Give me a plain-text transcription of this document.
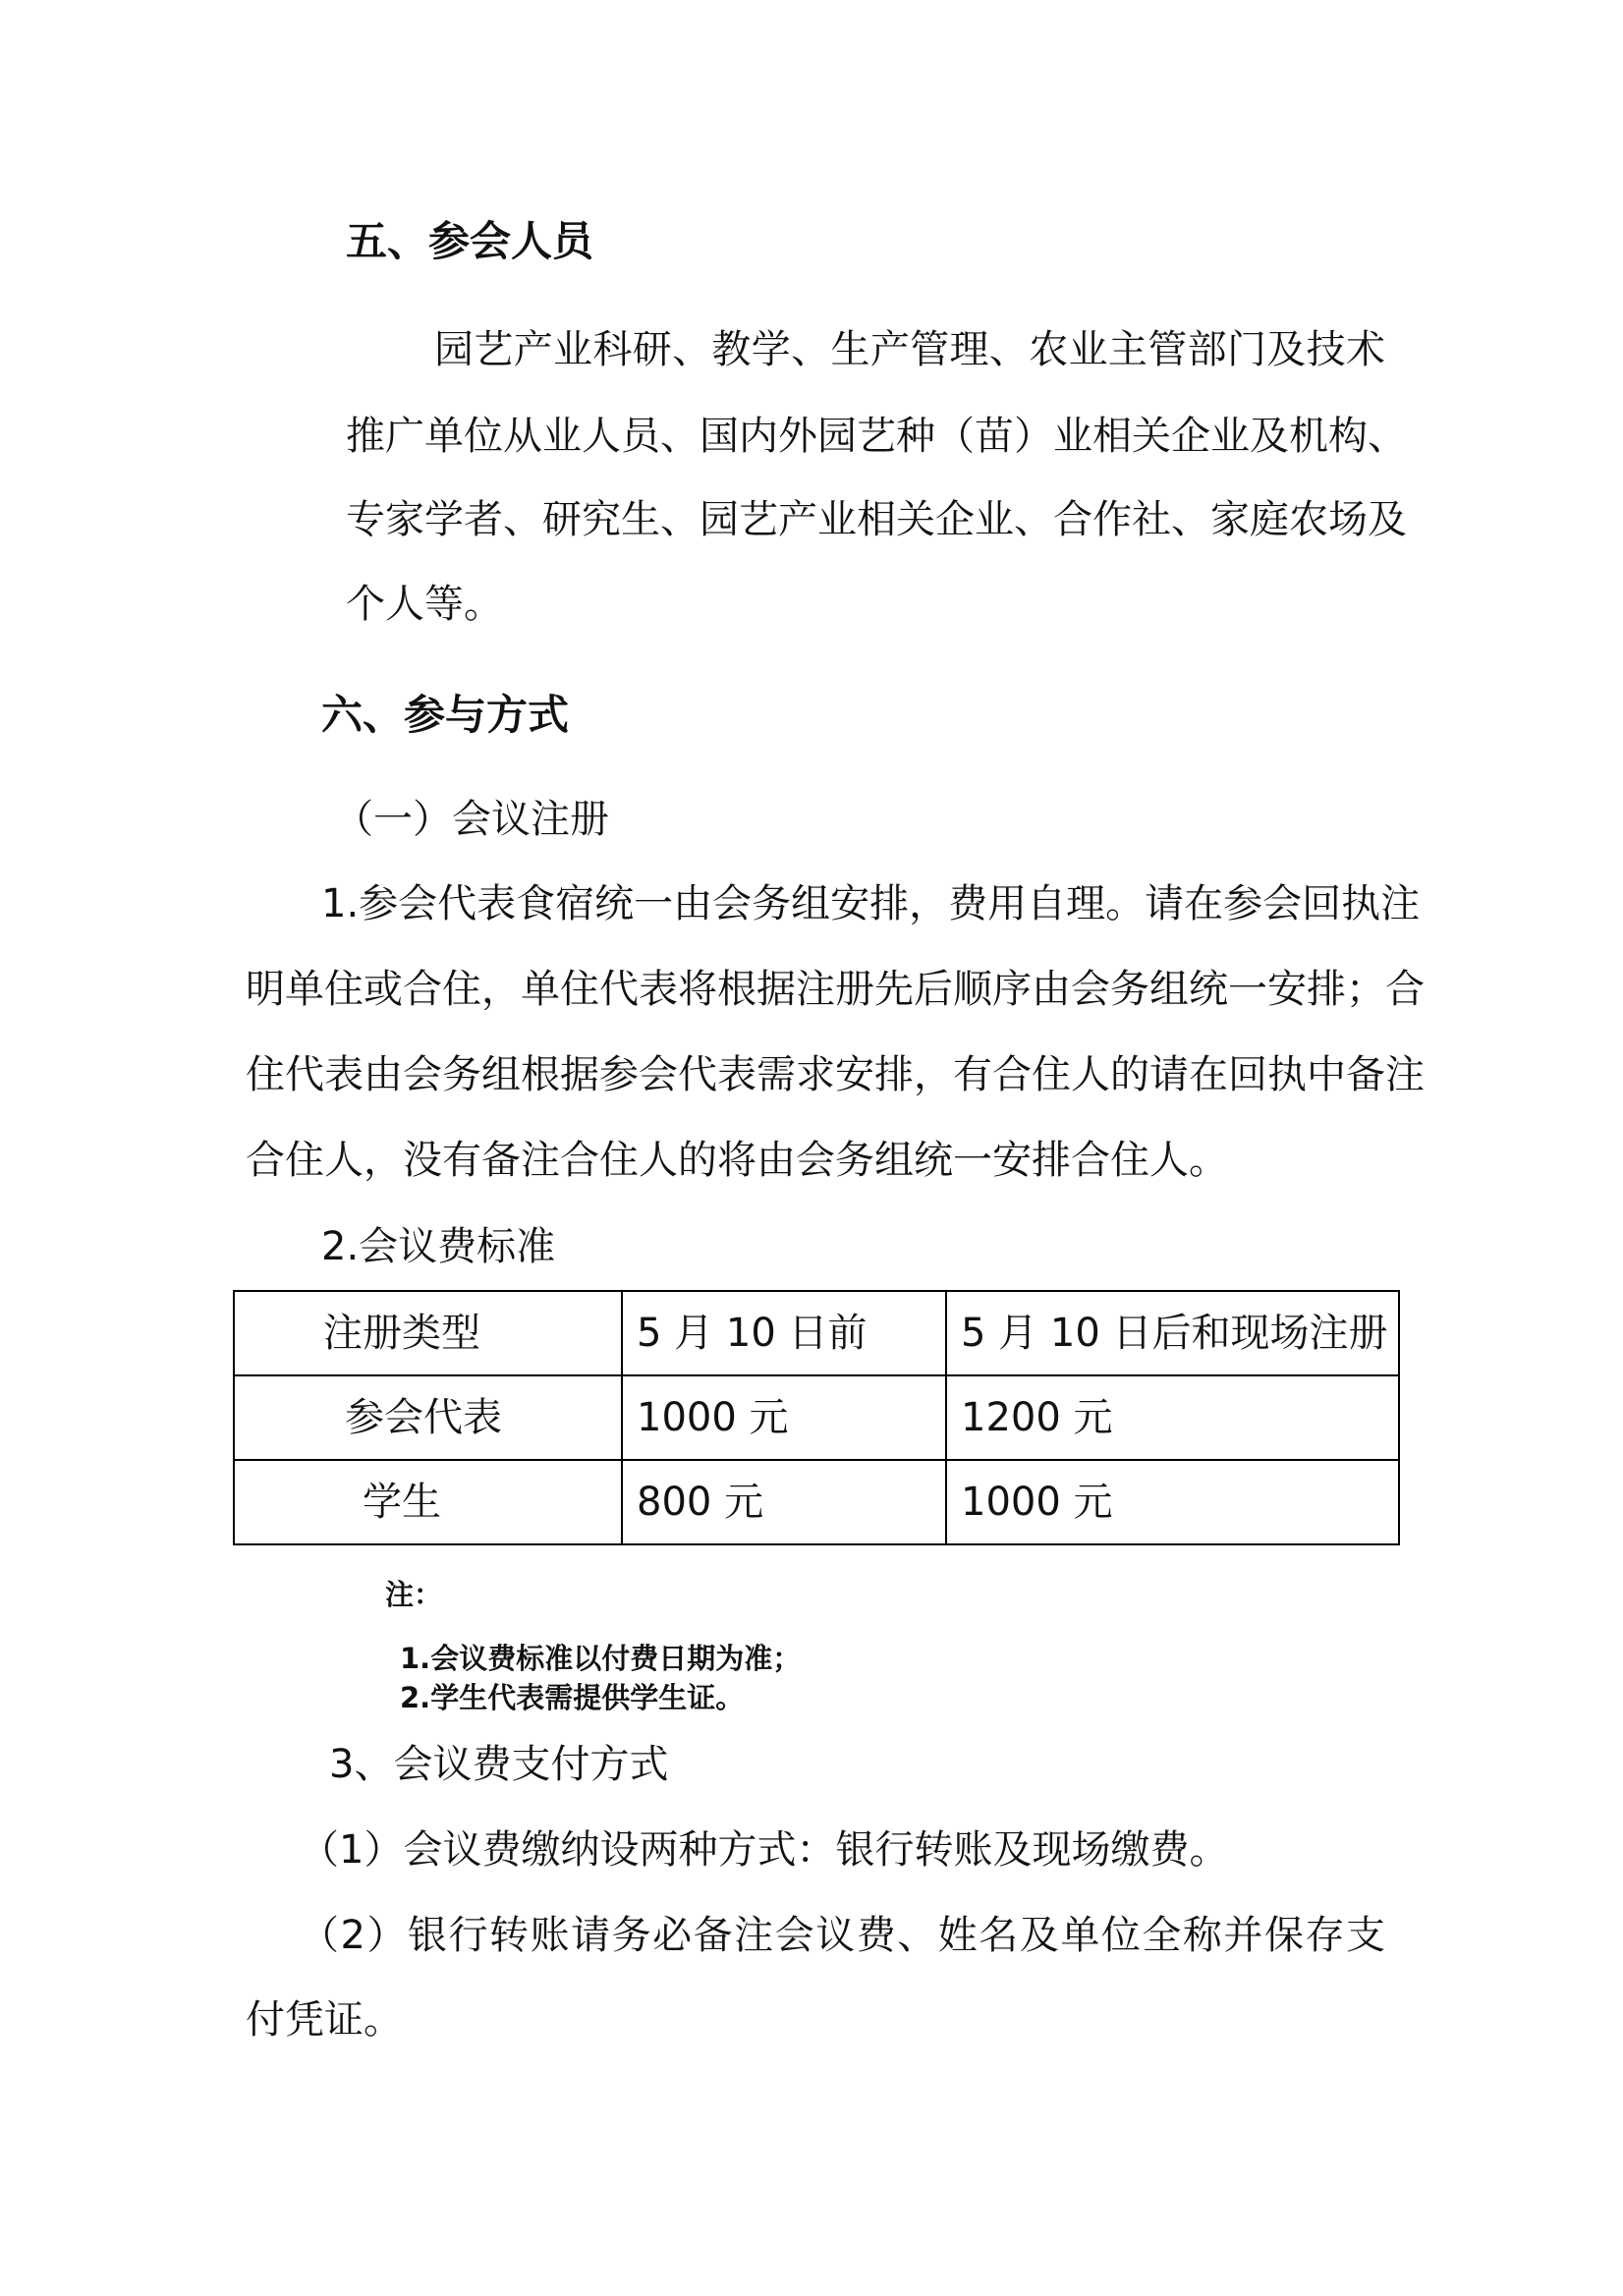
五、参会人员
园艺产业科研、教学、生产管理、农业主管部门及技术
推广单位从业人员、国内外园艺种（苗）业相关企业及机构、
专家学者、研究生、园艺产业相关企业、合作社、家庭农场及
个人等。
六、参与方式
（一）会议注册
1.参会代表食宿统一由会务组安排，费用自理。请在参会回执注
明单住或合住，单住代表将根据注册先后顺序由会务组统一安排；合
住代表由会务组根据参会代表需求安排，有合住人的请在回执中备注
合住人，没有备注合住人的将由会务组统一安排合住人。
2.会议费标准
注册类型	5 月 10 日前	5 月 10 日后和现场注册
参会代表	1000 元	1200 元
学生	800 元	1000 元
注：
1.会议费标准以付费日期为准；
2.学生代表需提供学生证。
3、会议费支付方式
（1）会议费缴纳设两种方式：银行转账及现场缴费。
（2）银行转账请务必备注会议费、姓名及单位全称并保存支
付凭证。
